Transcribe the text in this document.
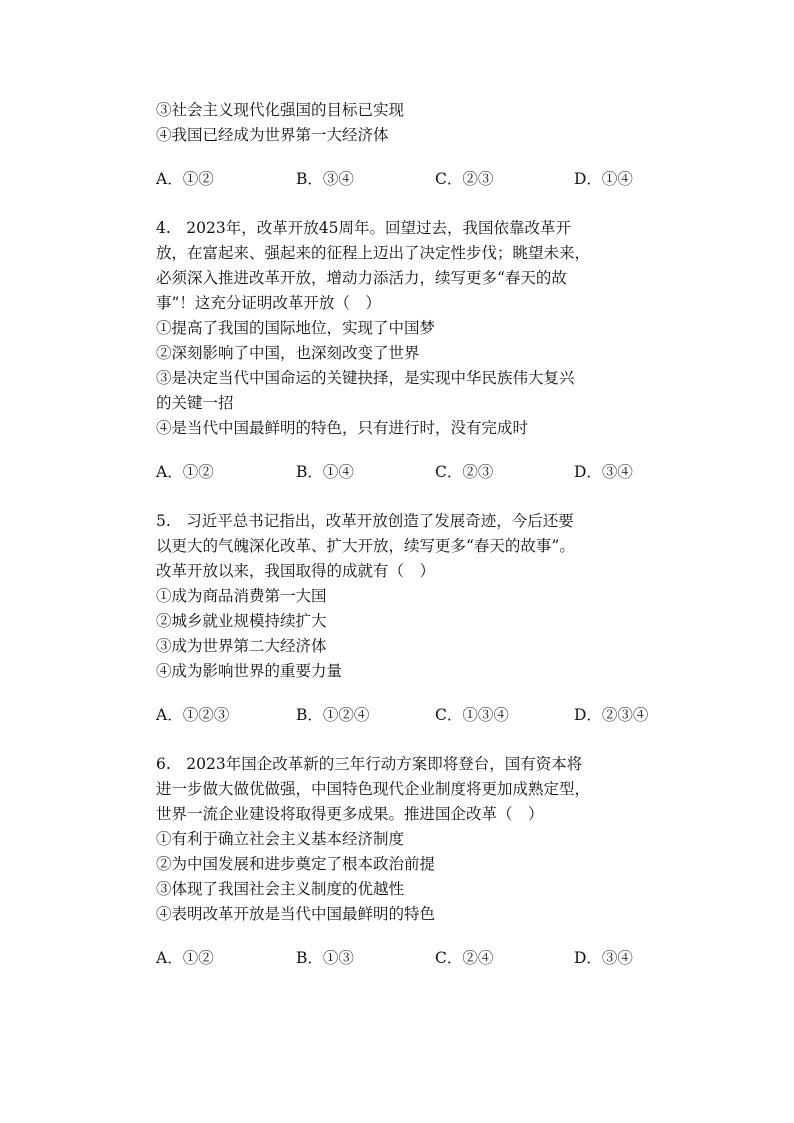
③社会主义现代化强国的目标已实现
④我国已经成为世界第一大经济体
A．①②	B．③④	C．②③	D．①④
4.　2023年，改革开放45周年。回望过去，我国依靠改革开
放，在富起来、强起来的征程上迈出了决定性步伐；眺望未来，
必须深入推进改革开放，增动力添活力，续写更多“春天的故
事”！这充分证明改革开放（　）
①提高了我国的国际地位，实现了中国梦
②深刻影响了中国，也深刻改变了世界
③是决定当代中国命运的关键抉择，是实现中华民族伟大复兴
的关键一招
④是当代中国最鲜明的特色，只有进行时，没有完成时
A．①②	B．①④	C．②③	D．③④
5.　习近平总书记指出，改革开放创造了发展奇迹，今后还要
以更大的气魄深化改革、扩大开放，续写更多“春天的故事”。
改革开放以来，我国取得的成就有（　）
①成为商品消费第一大国
②城乡就业规模持续扩大
③成为世界第二大经济体
④成为影响世界的重要力量
A．①②③	B．①②④	C．①③④	D．②③④
6.　2023年国企改革新的三年行动方案即将登台，国有资本将
进一步做大做优做强，中国特色现代企业制度将更加成熟定型，
世界一流企业建设将取得更多成果。推进国企改革（　）
①有利于确立社会主义基本经济制度
②为中国发展和进步奠定了根本政治前提
③体现了我国社会主义制度的优越性
④表明改革开放是当代中国最鲜明的特色
A．①②	B．①③	C．②④	D．③④
